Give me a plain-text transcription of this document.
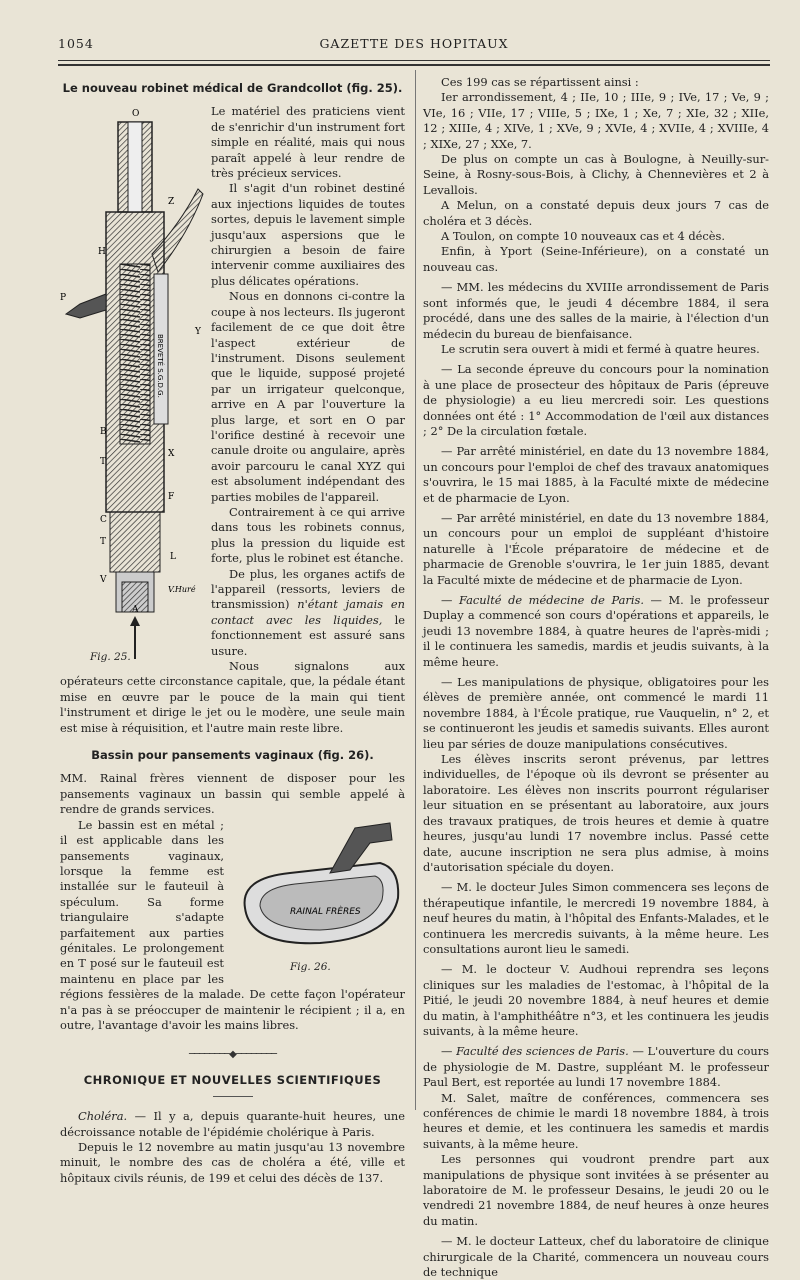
1054	GAZETTE DES HOPITAUX
Le nouveau robinet médical de Grandcollot (fig. 25).
O
Z
P
H
Y
B
T
X
F
C
T
L
V
A
BREVETÉ S.G.D.G.
V.Huré
Fig. 25.

Le matériel des praticiens vient de s'enrichir d'un instrument fort simple en réalité, mais qui nous paraît appelé à leur rendre de très précieux services.

Il s'agit d'un robinet destiné aux injections liquides de toutes sortes, depuis le lavement simple jusqu'aux aspersions que le chirurgien a besoin de faire intervenir comme auxiliaires des plus délicates opérations.

Nous en donnons ci-contre la coupe à nos lecteurs. Ils jugeront facilement de ce que doit être l'aspect extérieur de l'instrument. Disons seulement que le liquide, supposé projeté par un irrigateur quelconque, arrive en A par l'ouverture la plus large, et sort en O par l'orifice destiné à recevoir une canule droite ou angulaire, après avoir parcouru le canal XYZ qui est absolument indépendant des parties mobiles de l'appareil.

Contrairement à ce qui arrive dans tous les robinets connus, plus la pression du liquide est forte, plus le robinet est étanche.

De plus, les organes actifs de l'appareil (ressorts, leviers de transmission) n'étant jamais en contact avec les liquides, le fonctionnement est assuré sans usure.

Nous signalons aux opérateurs cette circonstance capitale, que, la pédale étant mise en œuvre par le pouce de la main qui tient l'instrument et dirige le jet ou le modère, une seule main est mise à réquisition, et l'autre main reste libre.

Bassin pour pansements vaginaux (fig. 26).

MM. Rainal frères viennent de disposer pour les pansements vaginaux un bassin qui semble appelé à rendre de grands services.

RAINAL FRÈRES
Fig. 26.

Le bassin est en métal ; il est applicable dans les pansements vaginaux, lorsque la femme est installée sur le fauteuil à spéculum. Sa forme triangulaire s'adapte parfaitement aux parties génitales. Le prolongement en T posé sur le fauteuil est maintenu en place par les régions fessières de la malade. De cette façon l'opérateur n'a pas à se préoccuper de maintenir le récipient ; il a, en outre, l'avantage d'avoir les mains libres.

────────◆────────
CHRONIQUE ET NOUVELLES SCIENTIFIQUES

Choléra. — Il y a, depuis quarante-huit heures, une décroissance notable de l'épidémie cholérique à Paris.

Depuis le 12 novembre au matin jusqu'au 13 novembre minuit, le nombre des cas de choléra a été, ville et hôpitaux civils réunis, de 199 et celui des décès de 137.

Ces 199 cas se répartissent ainsi :

Ier arrondissement, 4 ; IIe, 10 ; IIIe, 9 ; IVe, 17 ; Ve, 9 ; VIe, 16 ; VIIe, 17 ; VIIIe, 5 ; IXe, 1 ; Xe, 7 ; XIe, 32 ; XIIe, 12 ; XIIIe, 4 ; XIVe, 1 ; XVe, 9 ; XVIe, 4 ; XVIIe, 4 ; XVIIIe, 4 ; XIXe, 27 ; XXe, 7.

De plus on compte un cas à Boulogne, à Neuilly-sur-Seine, à Rosny-sous-Bois, à Clichy, à Chennevières et 2 à Levallois.

A Melun, on a constaté depuis deux jours 7 cas de choléra et 3 décès.

A Toulon, on compte 10 nouveaux cas et 4 décès.

Enfin, à Yport (Seine-Inférieure), on a constaté un nouveau cas.

— MM. les médecins du XVIIIe arrondissement de Paris sont informés que, le jeudi 4 décembre 1884, il sera procédé, dans une des salles de la mairie, à l'élection d'un médecin du bureau de bienfaisance.

Le scrutin sera ouvert à midi et fermé à quatre heures.

— La seconde épreuve du concours pour la nomination à une place de prosecteur des hôpitaux de Paris (épreuve de physiologie) a eu lieu mercredi soir. Les questions données ont été : 1° Accommodation de l'œil aux distances ; 2° De la circulation fœtale.

— Par arrêté ministériel, en date du 13 novembre 1884, un concours pour l'emploi de chef des travaux anatomiques s'ouvrira, le 15 mai 1885, à la Faculté mixte de médecine et de pharmacie de Lyon.

— Par arrêté ministériel, en date du 13 novembre 1884, un concours pour un emploi de suppléant d'histoire naturelle à l'École préparatoire de médecine et de pharmacie de Grenoble s'ouvrira, le 1er juin 1885, devant la Faculté mixte de médecine et de pharmacie de Lyon.

— Faculté de médecine de Paris. — M. le professeur Duplay a commencé son cours d'opérations et appareils, le jeudi 13 novembre 1884, à quatre heures de l'après-midi ; il le continuera les samedis, mardis et jeudis suivants, à la même heure.

— Les manipulations de physique, obligatoires pour les élèves de première année, ont commencé le mardi 11 novembre 1884, à l'École pratique, rue Vauquelin, n° 2, et se continueront les jeudis et samedis suivants. Elles auront lieu par séries de douze manipulations consécutives.

Les élèves inscrits seront prévenus, par lettres individuelles, de l'époque où ils devront se présenter au laboratoire. Les élèves non inscrits pourront régulariser leur situation en se présentant au laboratoire, aux jours des travaux pratiques, de trois heures et demie à quatre heures, jusqu'au lundi 17 novembre inclus. Passé cette date, aucune inscription ne sera plus admise, à moins d'autorisation spéciale du doyen.

— M. le docteur Jules Simon commencera ses leçons de thérapeutique infantile, le mercredi 19 novembre 1884, à neuf heures du matin, à l'hôpital des Enfants-Malades, et le continuera les mercredis suivants, à la même heure. Les consultations auront lieu le samedi.

— M. le docteur V. Audhoui reprendra ses leçons cliniques sur les maladies de l'estomac, à l'hôpital de la Pitié, le jeudi 20 novembre 1884, à neuf heures et demie du matin, à l'amphithéâtre n°3, et les continuera les jeudis suivants, à la même heure.

— Faculté des sciences de Paris. — L'ouverture du cours de physiologie de M. Dastre, suppléant M. le professeur Paul Bert, est reportée au lundi 17 novembre 1884.

M. Salet, maître de conférences, commencera ses conférences de chimie le mardi 18 novembre 1884, à trois heures et demie, et les continuera les samedis et mardis suivants, à la même heure.

Les personnes qui voudront prendre part aux manipulations de physique sont invitées à se présenter au laboratoire de M. le professeur Desains, le jeudi 20 ou le vendredi 21 novembre 1884, de neuf heures à onze heures du matin.

— M. le docteur Latteux, chef du laboratoire de clinique chirurgicale de la Charité, commencera un nouveau cours de technique
